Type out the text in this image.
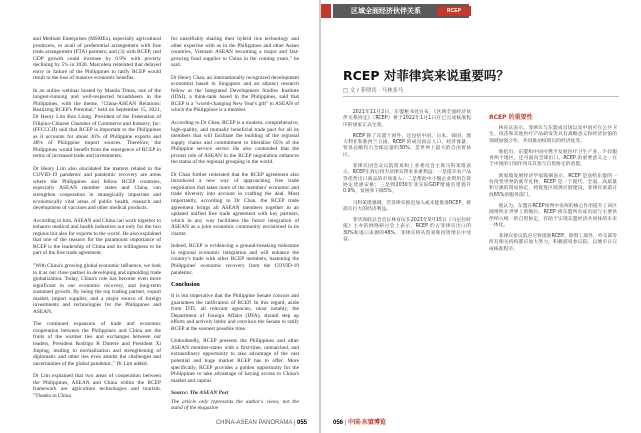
and Medium Enterprises (MSMEs), especially agricultural producers, to avail of preferential arrangement with free trade arrangement (FTA) partners; and (3) with RCEP, real GDP growth could increase by 0.9% with poverty declining by 5% in 2030. Marcoleta reiterated that delayed entry or failure of the Philippines to ratify RCEP would result to the loss of massive economic benefits.

In an online webinar hosted by Manila Times, one of the longest-running and well-respected broadsheets in the Philippines, with the theme, "China-ASEAN Relations: Realizing RCEP's Potential," held on September 15, 2021, Dr Henry Lim Bon Liong, President of the Federation of Filipino-Chinese Chamber of Commerce and Industry, Inc. (FFCCCII) said that RCEP is important to the Philippines as it accounts for about 30% of Philippine exports and 48% of Philippine import sources. Therefore, the Philippines would benefit from the emergence of RCEP in terms of increased trade and investments.

Dr Henry Lim also elucidated the matters related to the COVID-19 pandemic and pandemic recovery are areas where the Philippines and fellow RCEP countries, especially ASEAN member states and China, can strengthen cooperation in strategically important and economically vital areas of public health, research and development of vaccines and other medical products.

According to him, ASEAN and China can work together to enhance medical and health industries not only for the two regions but also for exports to the world. He also explained that one of the reasons for the paramount importance of RCEP is the leadership of China and its willingness to be part of the free trade agreement.

"With China's growing global economic influence, we look to it as our close partner in developing and upholding trade globalization. Today, China's role has become even more significant in our economic recovery, and long-term sustained growth. By being the top trading partner, export market, import supplier, and a major source of foreign investments and technologies for the Philippines and ASEAN.

The continued expansion of trade and economic cooperation between the Philippines and China are the fruits of the warmer ties and exchanges between our leaders, President Rodrigo R Duterte and President Xi Jinping, leading to normalization and strengthening of diplomatic and other ties even amidst the challenges and uncertainties of the global pandemic," Dr Lim added.

Dr Lim explained that two areas of cooperation between the Philippines, ASEAN and China within the RCEP framework are agriculture technologies and tourism. "Thanks to China

for unselfishly sharing their hybrid rice technology and other expertise with us in the Philippines and other Asean countries, Vietnam ASEAN becoming a major and fast-growing food supplier to China in the coming years," he said.

Dr Henry Chan, an internationally recognized development economist based in Singapore and an adjunct research fellow at the Integrated Development Studies Institute (IDSI), a think-tank based in the Philippines, said that RCEP is a "world-changing New Year's gift" to ASEAN of which the Philippines is a member.

According to Dr Chan, RCEP is a modern, comprehensive, high-quality, and mutually beneficial trade pact for all its members that will facilitate the building of the regional supply chains and commitment to liberalize 65% of the Philippine service sector. He also contended that the pivotal role of ASEAN in the RCEP negotiation enhances the status of the regional grouping in the world.

Dr Chan further reiterated that the RCEP agreement also introduced a new way of approaching free trade negotiation that takes more of the members' economic and trade diversity into account in crafting the deal. Most importantly, according to Dr Chan, the RCEP trade agreement brings all ASEAN members together in an updated unified free trade agreement with key partners, which in any way facilitates the future integration of ASEAN as a joint economic community envisioned in its charter.

Indeed, RCEP is evidencing a ground-breaking milestone in regional economic integration and will enhance the country's trade with other RCEP members, hastening the Philippines' economic recovery from the COVID-19 pandemic.

Conclusion

It is but imperative that the Philippine Senate concurs and guarantees the ratification of RCEP. In this regard, aside from DTI, all relevant agencies, most notably, the Department of Foreign Affairs (DFA), should step up efforts and actively lobby and convince the Senate to ratify RCEP at the soonest possible time.

Undoubtedly, RCEP presents the Philippines and other ASEAN member-states with a first-time, unmatched, and extraordinary opportunity to take advantage of the vast potential and huge market RCEP has to offer. More specifically, RCEP provides a golden opportunity for the Philippines to take advantage of having access to China's market and capital.

Source: The ASEAN Post

The article only represents the author's views, not the stand of the magazine

CHINA-ASEAN PANORAMA | 055
区域全面经济伙伴关系	RCEP
RCEP 对菲律宾来说重要吗？
□ 文 / 菲律宾 · 马林多马

2021年11月2日，东盟秘书处宣布，《区域全面经济伙伴关系协定》（RCEP）将于2022年1月1日在已完成核准程序的国家正式生效。

RCEP 除了东盟十国外，还包括中国、日本、韩国、澳大利亚和新西兰五国。RCEP 的成员国总人口、经济体量、贸易总额均占全球总量约30%，是世界上最大的自由贸易区。

菲律宾国会众议院贸易和工业委员会主席马科莱塔表示，RCEP生效后将为菲律宾带来多重利益：一是提升农产品等优势出口商品的市场准入；二是帮助中小微企业利用自贸协定优惠安排；三是到2030年菲实际GDP增速有望提升0.9%，贫困率下降5%。

马科莱塔强调，若菲律宾推迟加入或未能批准RCEP，将损失巨大的经济利益。

菲华商联总会会长林育庆在2021年9月15日《马尼拉时报》主办的网络研讨会上表示，RCEP 约占菲律宾出口的30%和进口来源的48%，菲律宾将从贸易和投资增长中受益。

RCEP 的重要性

林育庆表示，菲律宾与东盟成员国以及中国可在公共卫生、疫苗和其他医疗产品研发等具有战略意义和经济价值的领域加强合作，共同推动疫情后的经济复苏。

他指出，东盟和中国可携手发展医疗卫生产业，不仅服务两个地区，还可面向全球出口。RCEP 的重要意义之一在于中国的引领作用及其参与自贸协定的意愿。

新加坡发展经济学家陈刚表示，RCEP 是送给东盟的一份改变世界的新年礼物。RCEP 是一个现代、全面、高质量和互惠的贸易协定，将促进区域供应链建设，菲律宾承诺开放65%的服务部门。

他认为，东盟在RCEP谈判中发挥的核心作用提升了该区域组织在世界上的地位。RCEP 将东盟所有成员国与主要伙伴纳入统一的自贸协定，有助于实现东盟经济共同体的未来一体化。

菲律宾参议院应尽快批准RCEP。除贸工部外，外交部等所有相关机构都应加大努力，积极游说参议院，以便早日完成核准程序。

056 | 中国-东盟博览
